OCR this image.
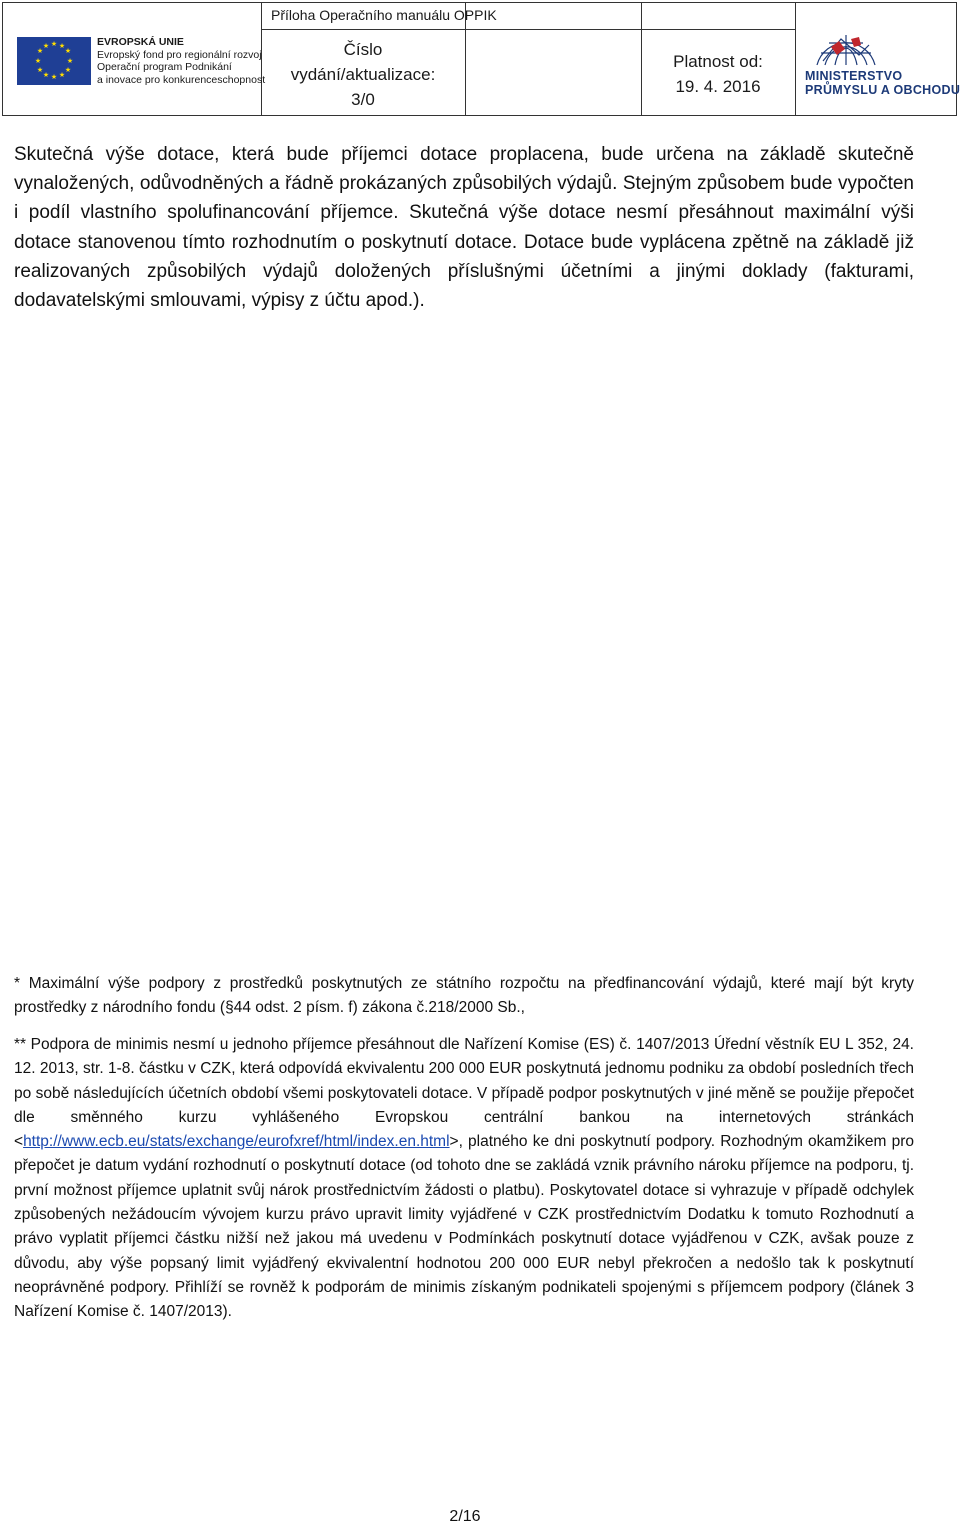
★ ★
★
★
★
★
★
★
★
★
★
★	EVROPSKÁ UNIE
Evropský fond pro regionální rozvoj
Operační program Podnikání
a inovace pro konkurenceschopnost
Příloha Operačního manuálu OPPIK
Číslo
vydání/aktualizace:
3/0
Platnost od:
19. 4. 2016
MINISTERSTVO
PRŮMYSLU A OBCHODU

Skutečná výše dotace, která bude příjemci dotace proplacena, bude určena na základě skutečně vynaložených, odůvodněných a řádně prokázaných způsobilých výdajů. Stejným způsobem bude vypočten i podíl vlastního spolufinancování příjemce. Skutečná výše dotace nesmí přesáhnout maximální výši dotace stanovenou tímto rozhodnutím o poskytnutí dotace. Dotace bude vyplácena zpětně na základě již realizovaných způsobilých výdajů doložených příslušnými účetními a jinými doklady (fakturami, dodavatelskými smlouvami, výpisy z účtu apod.).

* Maximální výše podpory z prostředků poskytnutých ze státního rozpočtu na předfinancování výdajů, které mají být kryty prostředky z národního fondu (§44 odst. 2 písm. f) zákona č.218/2000 Sb.,

** Podpora de minimis nesmí u jednoho příjemce přesáhnout dle Nařízení Komise (ES) č. 1407/2013 Úřední věstník EU L 352, 24. 12. 2013, str. 1-8. částku v CZK, která odpovídá ekvivalentu 200 000 EUR poskytnutá jednomu podniku za období posledních třech po sobě následujících účetních období všemi poskytovateli dotace. V případě podpor poskytnutých v jiné měně se použije přepočet dle směnného kurzu vyhlášeného Evropskou centrální bankou na internetových stránkách <http://www.ecb.eu/stats/exchange/eurofxref/html/index.en.html>, platného ke dni poskytnutí podpory. Rozhodným okamžikem pro přepočet je datum vydání rozhodnutí o poskytnutí dotace (od tohoto dne se zakládá vznik právního nároku příjemce na podporu, tj. první možnost příjemce uplatnit svůj nárok prostřednictvím žádosti o platbu). Poskytovatel dotace si vyhrazuje v případě odchylek způsobených nežádoucím vývojem kurzu právo upravit limity vyjádřené v CZK prostřednictvím Dodatku k tomuto Rozhodnutí a právo vyplatit příjemci částku nižší než jakou má uvedenu v Podmínkách poskytnutí dotace vyjádřenou v CZK, avšak pouze z důvodu, aby výše popsaný limit vyjádřený ekvivalentní hodnotou 200 000 EUR nebyl překročen a nedošlo tak k poskytnutí neoprávněné podpory. Přihlíží se rovněž k podporám de minimis získaným podnikateli spojenými s příjemcem podpory (článek 3 Nařízení Komise č. 1407/2013).

2/16
